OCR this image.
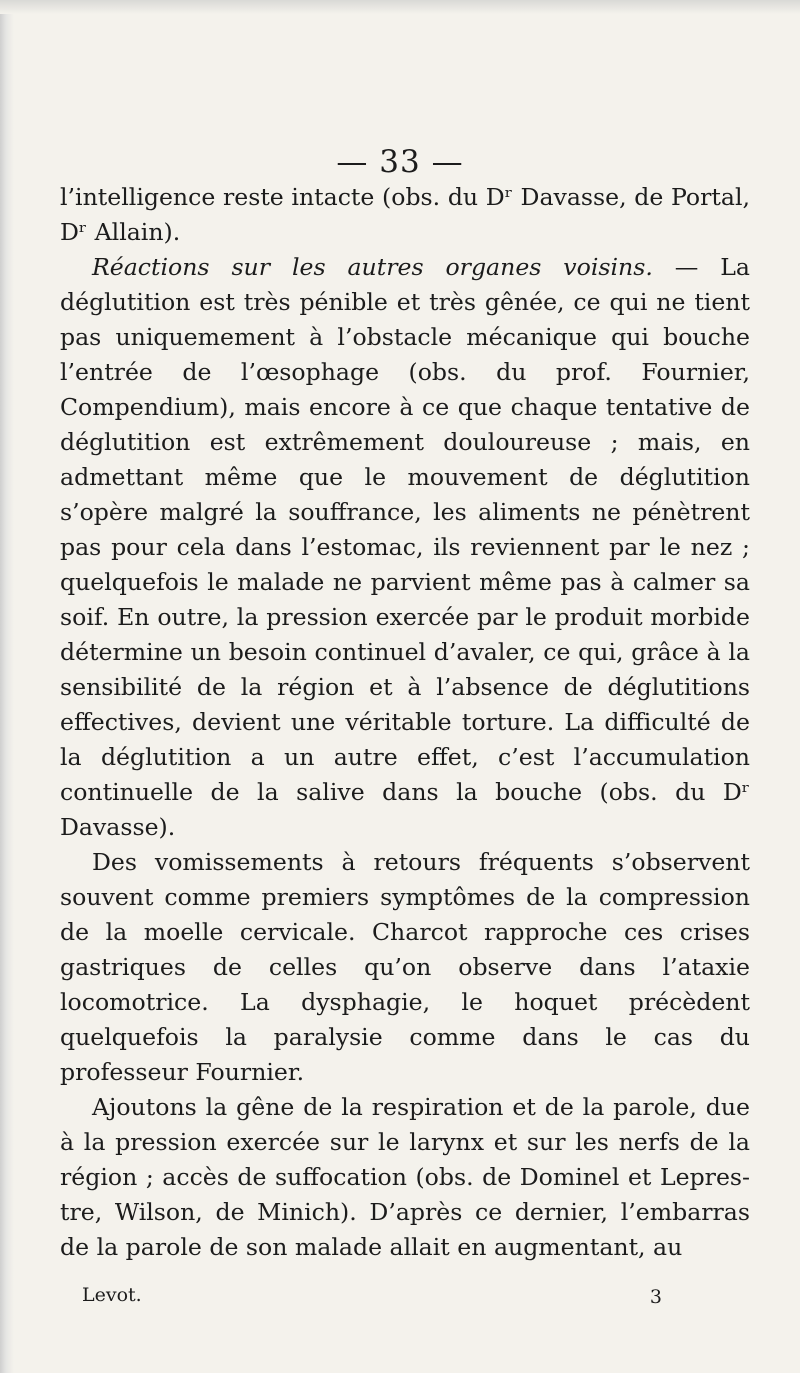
— 33 —

l’intelligence reste intacte (obs. du Dʳ Davasse, de Portal, Dʳ Allain).

Réactions sur les autres organes voisins. — La déglutition est très pénible et très gênée, ce qui ne tient pas uniquemement à l’obstacle mécanique qui bouche l’entrée de l’œsophage (obs. du prof. Fournier, Compendium), mais encore à ce que chaque tentative de déglutition est extrêmement douloureuse ; mais, en admettant même que le mouvement de déglutition s’opère malgré la souffrance, les aliments ne pénètrent pas pour cela dans l’estomac, ils reviennent par le nez ; quelquefois le malade ne parvient même pas à calmer sa soif. En outre, la pression exercée par le produit morbide détermine un besoin continuel d’avaler, ce qui, grâce à la sensibilité de la région et à l’absence de déglutitions effectives, devient une véritable torture. La difficulté de la déglutition a un autre effet, c’est l’accumulation continuelle de la salive dans la bouche (obs. du Dʳ Davasse).

Des vomissements à retours fréquents s’observent souvent comme premiers symptômes de la compression de la moelle cervicale. Charcot rapproche ces crises gastriques de celles qu’on observe dans l’ataxie locomotrice. La dysphagie, le hoquet précèdent quelquefois la paralysie comme dans le cas du professeur Fournier.

Ajoutons la gêne de la respiration et de la parole, due à la pression exercée sur le larynx et sur les nerfs de la région ; accès de suffocation (obs. de Dominel et Lepres-tre, Wilson, de Minich). D’après ce dernier, l’embarras de la parole de son malade allait en augmentant, au

Levot.	3
